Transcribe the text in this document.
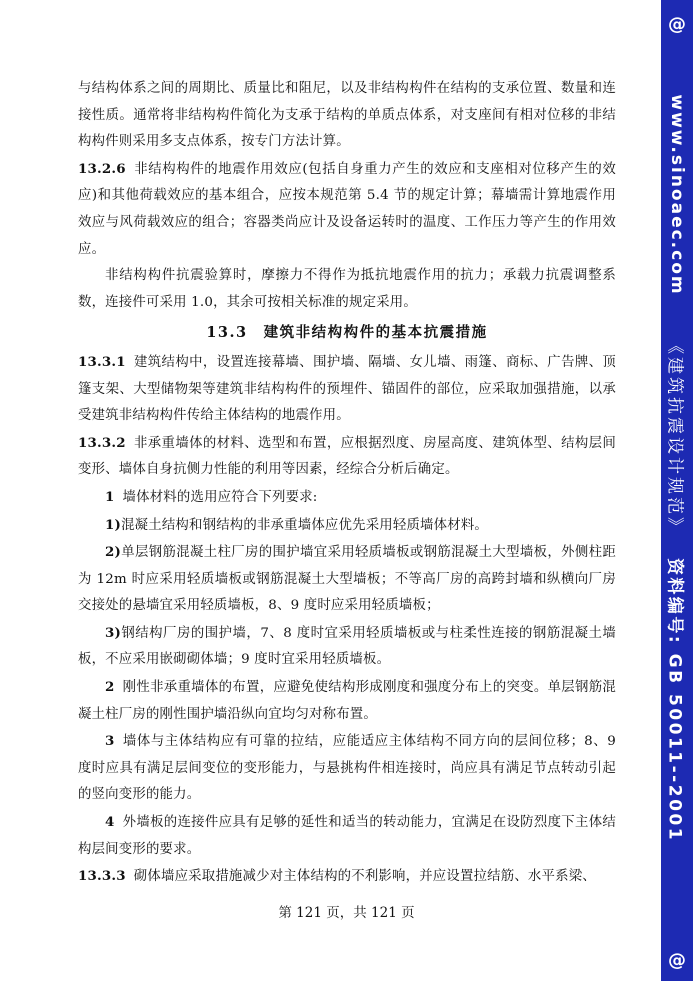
与结构体系之间的周期比、质量比和阻尼，以及非结构构件在结构的支承位置、数量和连接性质。通常将非结构构件简化为支承于结构的单质点体系，对支座间有相对位移的非结构构件则采用多支点体系，按专门方法计算。

13.2.6 非结构构件的地震作用效应(包括自身重力产生的效应和支座相对位移产生的效应)和其他荷载效应的基本组合，应按本规范第 5.4 节的规定计算；幕墙需计算地震作用效应与风荷载效应的组合；容器类尚应计及设备运转时的温度、工作压力等产生的作用效应。

非结构构件抗震验算时，摩擦力不得作为抵抗地震作用的抗力；承载力抗震调整系数，连接件可采用 1.0，其余可按相关标准的规定采用。

13.3 建筑非结构构件的基本抗震措施

13.3.1 建筑结构中，设置连接幕墙、围护墙、隔墙、女儿墙、雨篷、商标、广告牌、顶篷支架、大型储物架等建筑非结构构件的预埋件、锚固件的部位，应采取加强措施，以承受建筑非结构构件传给主体结构的地震作用。

13.3.2 非承重墙体的材料、选型和布置，应根据烈度、房屋高度、建筑体型、结构层间变形、墙体自身抗侧力性能的利用等因素，经综合分析后确定。

1 墙体材料的选用应符合下列要求:

1)混凝土结构和钢结构的非承重墙体应优先采用轻质墙体材料。

2)单层钢筋混凝土柱厂房的围护墙宜采用轻质墙板或钢筋混凝土大型墙板，外侧柱距为 12m 时应采用轻质墙板或钢筋混凝土大型墙板；不等高厂房的高跨封墙和纵横向厂房交接处的悬墙宜采用轻质墙板，8、9 度时应采用轻质墙板；

3)钢结构厂房的围护墙，7、8 度时宜采用轻质墙板或与柱柔性连接的钢筋混凝土墙板，不应采用嵌砌砌体墙；9 度时宜采用轻质墙板。

2 刚性非承重墙体的布置，应避免使结构形成刚度和强度分布上的突变。单层钢筋混凝土柱厂房的刚性围护墙沿纵向宜均匀对称布置。

3 墙体与主体结构应有可靠的拉结，应能适应主体结构不同方向的层间位移；8、9 度时应具有满足层间变位的变形能力，与悬挑构件相连接时，尚应具有满足节点转动引起的竖向变形的能力。

4 外墙板的连接件应具有足够的延性和适当的转动能力，宜满足在设防烈度下主体结构层间变形的要求。

13.3.3 砌体墙应采取措施减少对主体结构的不利影响，并应设置拉结筋、水平系梁、

第 121 页，共 121 页
@
www.sinoaec.com
《建筑抗震设计规范》
资料编号: GB 50011--2001
@
